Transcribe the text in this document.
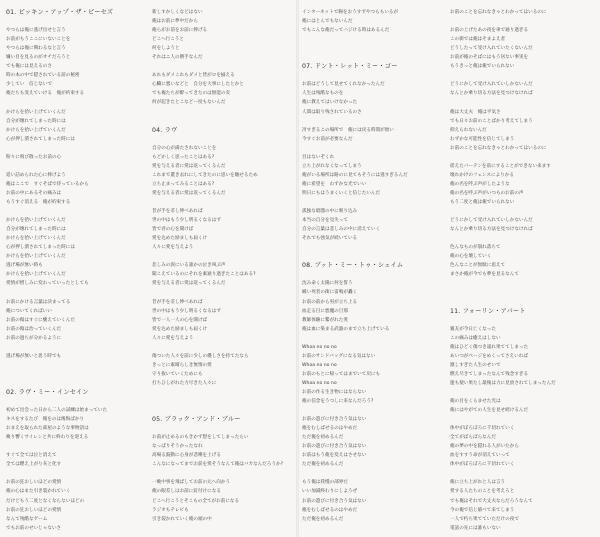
01. ピッキン・アップ・ザ・ピーセズ
やつらは俺に逃げ出せと言う
お前がもうここにいないことを
やつらは俺に関わるなと言う
嫌い目を見るのがオチだろうと
でも俺には見えるのさ
時の本の中で隠されている前の秘密
少してい　信じないで
俺たちも変えていける　俺が約束する
かけらを拾い上げていくんだ
自分が壊れてしまった時には
かけらを拾い上げていくんだ
心が押し潰されてしまった時には
粉々に飛び散ったお前の心
追い詰められた心に捧げよう
俺はここで　すぐそばで待っているから
お前の中にあるその痛みは
もうすぐ消える　俺が約束する
かけらを拾い上げていくんだ
自分が壊れてしまった時には
かけらを拾い上げていくんだ
心が押し潰されてしまった時には
かけらを拾い上げていくんだ
逃げ場が無い時も
かけらを拾い上げていくんだ
愛情が憎しみに変わっていったとしても
お前にかける言葉は決まってる
俺についてくればいい
お前の傷はすぐに癒えていくんだ
お前の傷は治っていくんだ
お前の過ちが分かるように
逃げ場が無いと思う時でも
02. ラヴ・ミー・インセイン
初めて出会った日から二人の試練は始まっていた
キスをするたび　俺をのは後悔ばかり
おまえを取られた部屋のような事物語は
喚り響くサイレンと共に終わりを迎える
すぐて全ては泣と消えて
全ては燃え上がり灰と化す
お前の狂おしいほどの愛情
俺の心はまた引き裂かれていく
だけどもう二度となくならないほどの
お前の狂おしいほどの愛情
なんて残酷なゲーム
でもお前のせいじゃないさ
新しすかしくなどはない
俺はお前に夢中だから
俺らがお前をお前に捧げる
どこへ行こうと
何をしようと
それはニ人の勝手なんだ
あれもダメこれもダメと皆がロを揃える
心臓に悪いなどと　自分を大事にしたとかと
でも俺たちが酔ってきたのは無能の炎
何が起きたとこなどー度もないんだ
04. ラヴ
自分の心が満たされないことを
もどかしく思ったことはある?
愛を与える者に愛は返ってくるんだ
これまで叢き去れにしてきたのに思いを馳せるため
立ち止まってみることはある?
愛を与える者に愛は返ってくるんだ
昔が手を差し伸べあれば
世の中はもう少し明るくなるはず
皆で君の心を開けば
愛を込めた励ましも届くけ
人々に愛を与えよう
悲しみの涙にいる誰かの泣き叫ぶ声
聞こえているのにそれを素通り過ぎたことはある?
愛を与える者に愛は返ってくるんだ
昔が手を差し伸べあれば
世の中はもう少し明るくなるはず
皆で一人一人の心を開けば
愛を込めた励ましも届くけ
人々に愛を与えよう
傷ついた人々を前に少しの優しさを持てたなら
きっとに素晴らしき無情の愛
守り抜いていくためにも
打ちひしがれた力尽きた人々に
05. ブラック・アンド・ブルー
お前が止めるのもきかず想をしてしまったらい
なっぱりそうかったなれ
高場る鼓動に心身が悲嘆を上げる
こんなになってまでお前を愛そうなんて俺はバカなんだろうか?
一晩中事を飛ばしてお前の元へ向かう
俺の眼差しはお前に釘付けになる
どこへ行こうとそこもの全てがお前になる
ラジオもテレビも
引き裂かれていく俺の頭の中
インターネットで胸をおうすずやつらもいるが
俺にはとんでもないんだ
でもこんな俺だってハジける時はあるんだ
07. ドント・レット・ミー・ゴー
お前はどうして見せてくれなかったんだ
人生は残酷なものを
俺に教えてはいけなかった
人間は取り残されているのさ
冴すぎるこの場所で　俺には戻る時間が無い
今すぐお前が必要なんだ
目はないぞくれ
立ち上がれなくなってしまう
俺がいる場所は路のに見てもそうには逃すぎるんだ
俺に希望を　わずかな光でいい
明日にもはうまくいくと信じたいんだ
孤独な暗闇の中に吸り込み
本当の自分を見失って
自分の言葉は悲しみの中に消えていく
それでも強気が続いている
08. ブット・ミー・トゥ・シェイム
沈み命く太陽に何を誓う
織い死者の街に雷鳴が轟く
お前の前から男が立ち上る
血走る目に悪魔の旦那
教師体験に繋がれた愛
俺は血に染まる武器のまで立ち上げている
Whoa no no no
お前のサンドバッグになる気はない
Whoa no no no
お前のもとに帰ってはまでいて戻にも
Whoa no no no
お前の作る生き物にはならない
俺の信念をうつしに来なんだろう?
お前の遊びに付き合う気はない
俺をむしばせるのはやめだ
ただ俺を初めるんだ
お前の遊びに付き合う気はない
お前はもう俺を変えはさせない
ただ俺を初めるんだ
もう俺は我慢の部界だ
いい加減終わりにしようぜ
お前の遊びに付き合う気はない
俺をむしばせるのはやめだ
ただ俺を初めるんだ
お前のことを忘れなきゃとわかってはいるのに
お前の上げたあの夜を車で通り過ぎる
この街では俺はそまよえ者
どうしたって受け入れていたくないんだ
お前が俺のそばにはもう居ない事実を
もうきっと俺は俺でいられない
どうにかして受け入れていしかないんだ
なんとか乗り切る方法を見つけなければ
俺は大丈夫　俺は平気さ
でも日々お前のことばかり考えてしまう
抑えられないんだ
わずかな可能性を信じてしまう
お前のことを忘れなきゃとわかってはいるのに
揺えたバーテンを前にすることができない来ます
壊れかけのフェンスによりかる
俺の名を呼ぶ声がしたような
俺の名を呼ぶ声がいつものお前の声
もう二度と俺は俺でいられない
どうにかして受け入れていしかないんだ
なんとか乗り切る方法を見つけなければ
色んなものが崩れ落ちて
俺の心を壊していく
色んなことが無駄に思えて
まさか俺が今でも夢を見るなんて
11. フォーリン・アパート
親友が今日亡くなった
この痛みは癒えはしない
俺はひどく傷つき遠れ果ててしまった
あいつがページをめくってさえいれば
激しすぎた人生のせいで
燃え尽きてしまったなんて残念すぎる
運も使い果たし最後は力に見放されてしまったんだ
俺の目をくらませた光は
俺にはやがての人生を見せ続けるんだ
体中がぼろぼろに千切れていく
全てがばらばらなんだ
俺の夢の中を隠れる人がいたから
血をすすう命が消えていって
体中がぼろぼろに千切れていく
俺に立ち上がれと人は言う
愛する人たちのことを考えろと
でも俺はそれで大丈夫ならだろうなんて
今の俺で信じ値べて来てしまう
一人で朽ち果てていただけの夜で
電話の先には誰もいない
